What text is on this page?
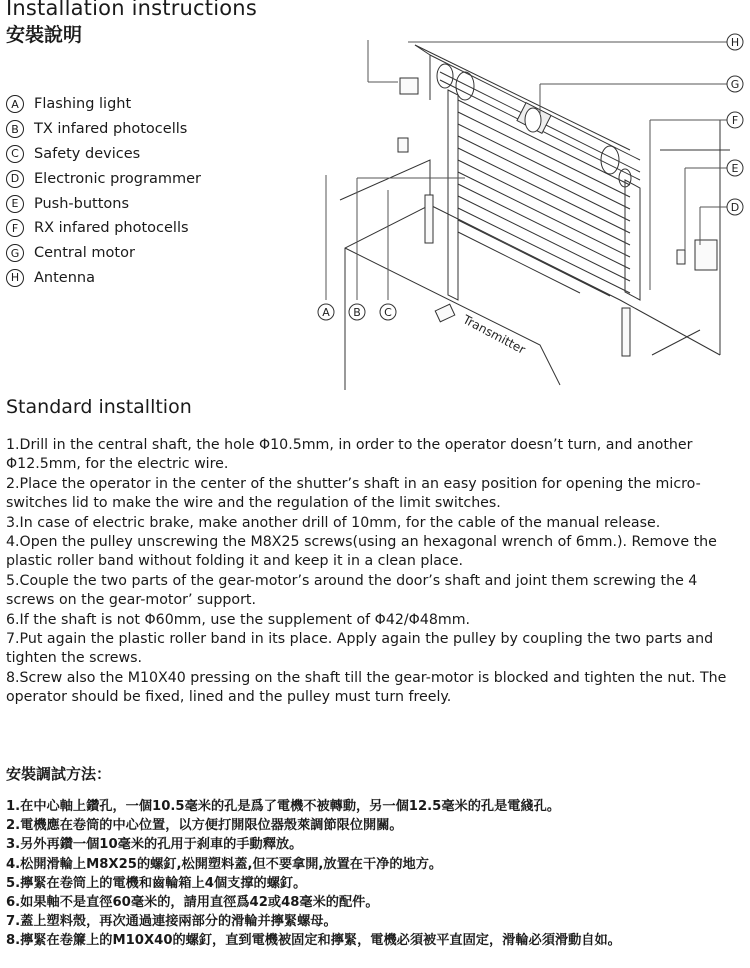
Installation instructions
安裝說明
A	Flashing light
B	TX infared photocells
C	Safety devices
D	Electronic programmer
E	Push-buttons
F	RX infared photocells
G	Central motor
H	Antenna
H
G
F
E
D
A B C	Transmitter
Standard installtion

1.Drill in the central shaft, the hole Φ10.5mm, in order to the operator doesn’t turn, and another Φ12.5mm, for the electric wire.

2.Place the operator in the center of the shutter’s shaft in an easy position for opening the micro-switches lid to make the wire and the regulation of the limit switches.

3.In case of electric brake, make another drill of 10mm, for the cable of the manual release.

4.Open the pulley unscrewing the M8X25 screws(using an hexagonal wrench of 6mm.). Remove the plastic roller band without folding it and keep it in a clean place.

5.Couple the two parts of the gear-motor’s around the door’s shaft and joint them screwing the 4 screws on the gear-motor’ support.

6.If the shaft is not Φ60mm, use the supplement of Φ42/Φ48mm.

7.Put again the plastic roller band in its place. Apply again the pulley by coupling the two parts and tighten the screws.

8.Screw also the M10X40 pressing on the shaft till the gear-motor is blocked and tighten the nut. The operator should be fixed, lined and the pulley must turn freely.

安裝調試方法：

1.在中心軸上鑽孔，一個10.5毫米的孔是爲了電機不被轉動，另一個12.5毫米的孔是電綫孔。

2.電機應在卷筒的中心位置，以方便打開限位器殼萊調節限位開關。

3.另外再鑽一個10毫米的孔用于刹車的手動釋放。

4.松開滑輪上M8X25的螺釘,松開塑料蓋,但不要拿開,放置在干净的地方。

5.擰緊在卷筒上的電機和齒輪箱上4個支撑的螺釘。

6.如果軸不是直徑60毫米的，請用直徑爲42或48毫米的配件。

7.蓋上塑料殼，再次通過連接兩部分的滑輪并擰緊螺母。

8.擰緊在卷簾上的M10X40的螺釘，直到電機被固定和擰緊，電機必須被平直固定，滑輪必須滑動自如。
